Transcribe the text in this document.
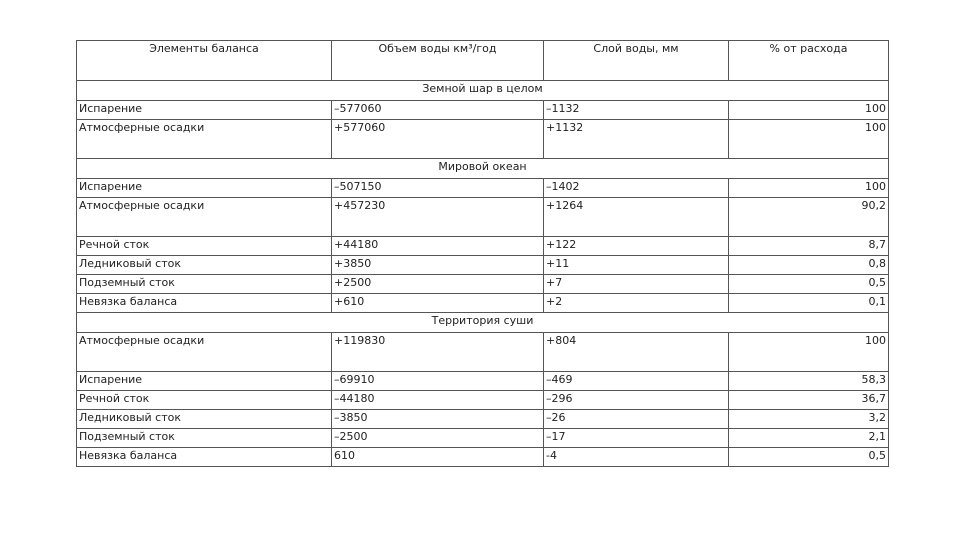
Элементы баланса	Объем воды км³/год	Слой воды, мм	% от расхода
Земной шар в целом			
Испарение	–577060	–1132	100
Атмосферные осадки	+577060	+1132	100
Мировой океан			
Испарение	–507150	–1402	100
Атмосферные осадки	+457230	+1264	90,2
Речной сток	+44180	+122	8,7
Ледниковый сток	+3850	+11	0,8
Подземный сток	+2500	+7	0,5
Невязка баланса	+610	+2	0,1
Территория суши			
Атмосферные осадки	+119830	+804	100
Испарение	–69910	–469	58,3
Речной сток	–44180	–296	36,7
Ледниковый сток	–3850	–26	3,2
Подземный сток	–2500	–17	2,1
Невязка баланса	610	-4	0,5
